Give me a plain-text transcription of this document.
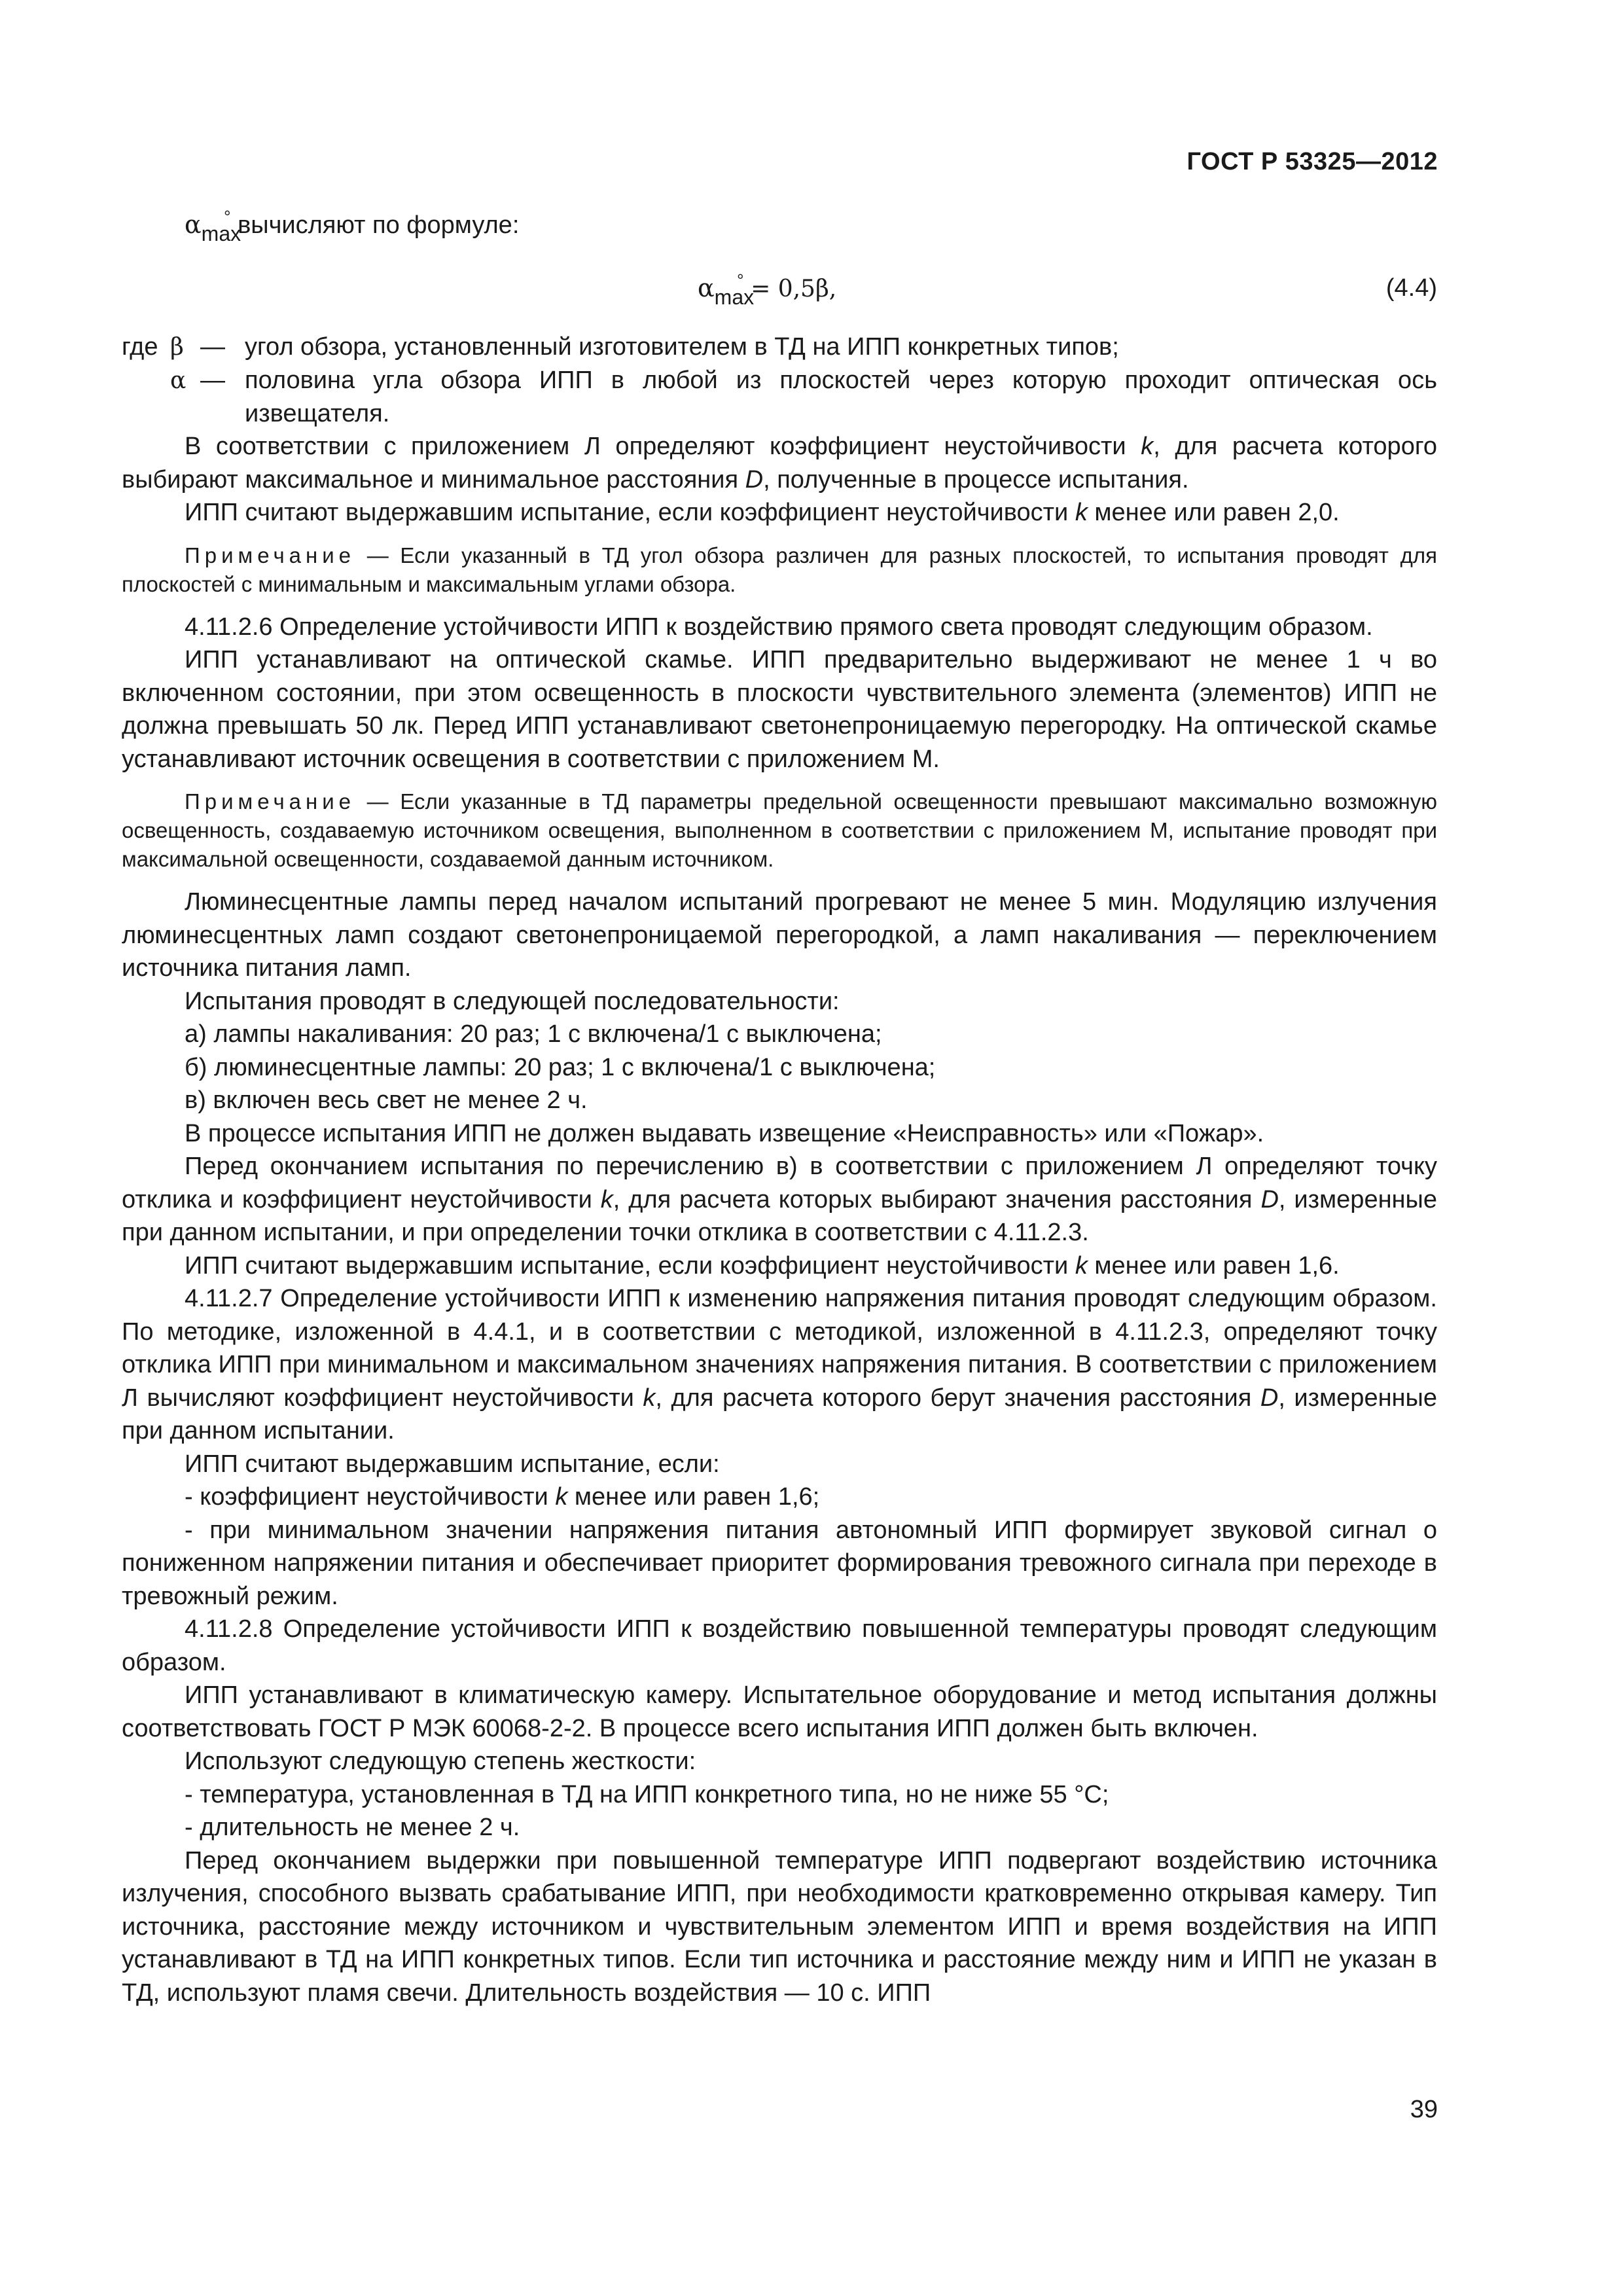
ГОСТ Р 53325—2012

$\alpha_{max}^\circ$ вычисляют по формуле:

$\alpha_{max}^\circ = 0,5\beta$,	(4.4)
где β — угол обзора, установленный изготовителем в ТД на ИПП конкретных типов;
α — половина угла обзора ИПП в любой из плоскостей через которую проходит оптическая ось извещателя.

В соответствии с приложением Л определяют коэффициент неустойчивости k, для расчета которого выбирают максимальное и минимальное расстояния D, полученные в процессе испытания.

ИПП считают выдержавшим испытание, если коэффициент неустойчивости k менее или равен 2,0.

Примечание — Если указанный в ТД угол обзора различен для разных плоскостей, то испытания проводят для плоскостей с минимальным и максимальным углами обзора.

4.11.2.6 Определение устойчивости ИПП к воздействию прямого света проводят следующим образом.

ИПП устанавливают на оптической скамье. ИПП предварительно выдерживают не менее 1 ч во включенном состоянии, при этом освещенность в плоскости чувствительного элемента (элементов) ИПП не должна превышать 50 лк. Перед ИПП устанавливают светонепроницаемую перегородку. На оптической скамье устанавливают источник освещения в соответствии с приложением М.

Примечание — Если указанные в ТД параметры предельной освещенности превышают максимально возможную освещенность, создаваемую источником освещения, выполненном в соответствии с приложением М, испытание проводят при максимальной освещенности, создаваемой данным источником.

Люминесцентные лампы перед началом испытаний прогревают не менее 5 мин. Модуляцию излучения люминесцентных ламп создают светонепроницаемой перегородкой, а ламп накаливания — переключением источника питания ламп.

Испытания проводят в следующей последовательности:

а) лампы накаливания: 20 раз; 1 с включена/1 с выключена;

б) люминесцентные лампы: 20 раз; 1 с включена/1 с выключена;

в) включен весь свет не менее 2 ч.

В процессе испытания ИПП не должен выдавать извещение «Неисправность» или «Пожар».

Перед окончанием испытания по перечислению в) в соответствии с приложением Л определяют точку отклика и коэффициент неустойчивости k, для расчета которых выбирают значения расстояния D, измеренные при данном испытании, и при определении точки отклика в соответствии с 4.11.2.3.

ИПП считают выдержавшим испытание, если коэффициент неустойчивости k менее или равен 1,6.

4.11.2.7 Определение устойчивости ИПП к изменению напряжения питания проводят следующим образом. По методике, изложенной в 4.4.1, и в соответствии с методикой, изложенной в 4.11.2.3, определяют точку отклика ИПП при минимальном и максимальном значениях напряжения питания. В соответствии с приложением Л вычисляют коэффициент неустойчивости k, для расчета которого берут значения расстояния D, измеренные при данном испытании.

ИПП считают выдержавшим испытание, если:

- коэффициент неустойчивости k менее или равен 1,6;

- при минимальном значении напряжения питания автономный ИПП формирует звуковой сигнал о пониженном напряжении питания и обеспечивает приоритет формирования тревожного сигнала при переходе в тревожный режим.

4.11.2.8 Определение устойчивости ИПП к воздействию повышенной температуры проводят следующим образом.

ИПП устанавливают в климатическую камеру. Испытательное оборудование и метод испытания должны соответствовать ГОСТ Р МЭК 60068-2-2. В процессе всего испытания ИПП должен быть включен.

Используют следующую степень жесткости:

- температура, установленная в ТД на ИПП конкретного типа, но не ниже 55 °С;

- длительность не менее 2 ч.

Перед окончанием выдержки при повышенной температуре ИПП подвергают воздействию источника излучения, способного вызвать срабатывание ИПП, при необходимости кратковременно открывая камеру. Тип источника, расстояние между источником и чувствительным элементом ИПП и время воздействия на ИПП устанавливают в ТД на ИПП конкретных типов. Если тип источника и расстояние между ним и ИПП не указан в ТД, используют пламя свечи. Длительность воздействия — 10 с. ИПП

39
